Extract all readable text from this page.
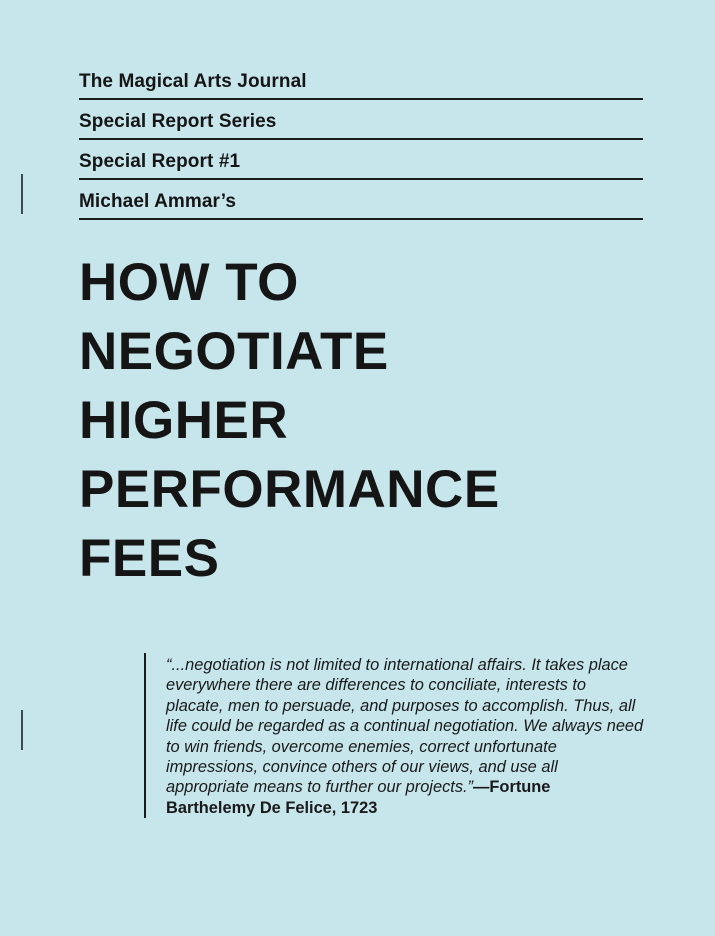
The Magical Arts Journal
Special Report Series
Special Report #1
Michael Ammar’s
HOW TO
NEGOTIATE
HIGHER
PERFORMANCE
FEES

“...negotiation is not limited to international affairs. It takes place everywhere there are differences to conciliate, interests to placate, men to persuade, and purposes to accomplish. Thus, all life could be regarded as a continual negotiation. We always need to win friends, overcome enemies, correct unfortunate impressions, convince others of our views, and use all appropriate means to further our projects.”—Fortune Barthelemy De Felice, 1723
